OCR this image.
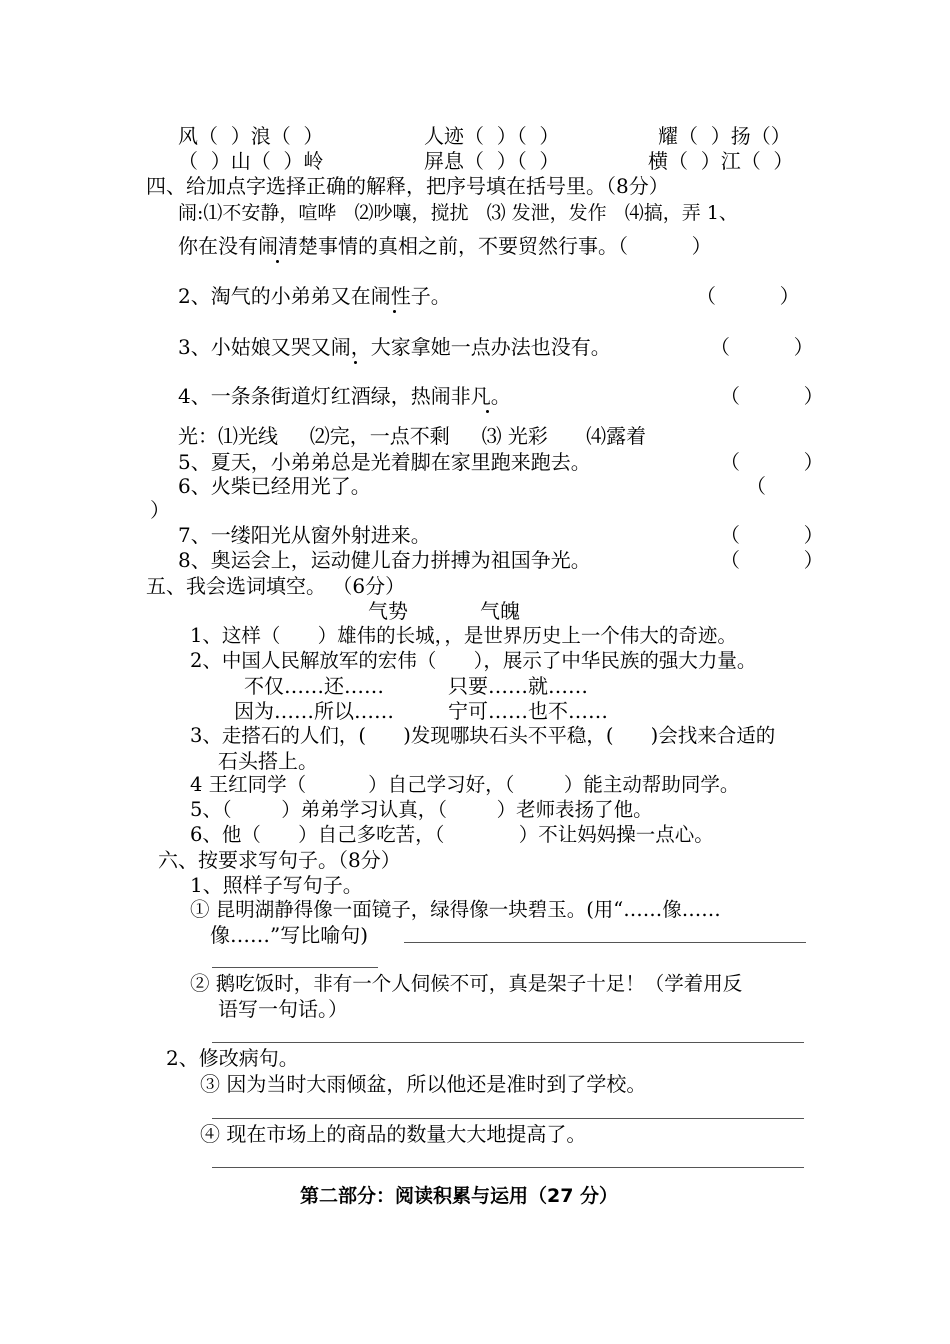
风（  ）浪（  ）	人迹（  ）（  ）	耀（  ）扬（）
（  ）山（  ）岭	屏息（  ）（  ）	横（  ）江（  ）
四、给加点字选择正确的解释，把序号填在括号里。（8分）
闹:⑴不安静，喧哗   ⑵吵嚷，搅扰   ⑶ 发泄，发作   ⑷搞，弄 1、
你在没有闹清楚事情的真相之前，不要贸然行事。（          ）
2、淘气的小弟弟又在闹性子。	（          ）
3、小姑娘又哭又闹，大家拿她一点办法也没有。	（          ）
4、一条条街道灯红酒绿，热闹非凡。	（          ）
光：⑴光线     ⑵完，一点不剩     ⑶ 光彩      ⑷露着
5、夏天，小弟弟总是光着脚在家里跑来跑去。	（          ）
6、火柴已经用光了。	（
）
7、一缕阳光从窗外射进来。	（          ）
8、奥运会上，运动健儿奋力拼搏为祖国争光。	（          ）
五、我会选词填空。 （6分）
气势	气魄
1、这样（      ）雄伟的长城，，是世界历史上一个伟大的奇迹。
2、中国人民解放军的宏伟（      ），展示了中华民族的强大力量。
不仅……还……	只要……就……
因为……所以……	宁可……也不……
3、走搭石的人们，(      )发现哪块石头不平稳，(      )会找来合适的
石头搭上。
4 王红同学（          ）自己学习好，（        ）能主动帮助同学。
5、（        ）弟弟学习认真，（        ）老师表扬了他。
6、他（      ）自己多吃苦，（            ）不让妈妈操一点心。
六、按要求写句子。（8分）
1、照样子写句子。
① 昆明湖静得像一面镜子，绿得像一块碧玉。(用“……像……
像……”写比喻句)
② 鹅吃饭时，非有一个人伺候不可，真是架子十足！（学着用反
语写一句话。）
2、修改病句。
③ 因为当时大雨倾盆，所以他还是准时到了学校。
④ 现在市场上的商品的数量大大地提高了。
第二部分：阅读积累与运用（27 分）
